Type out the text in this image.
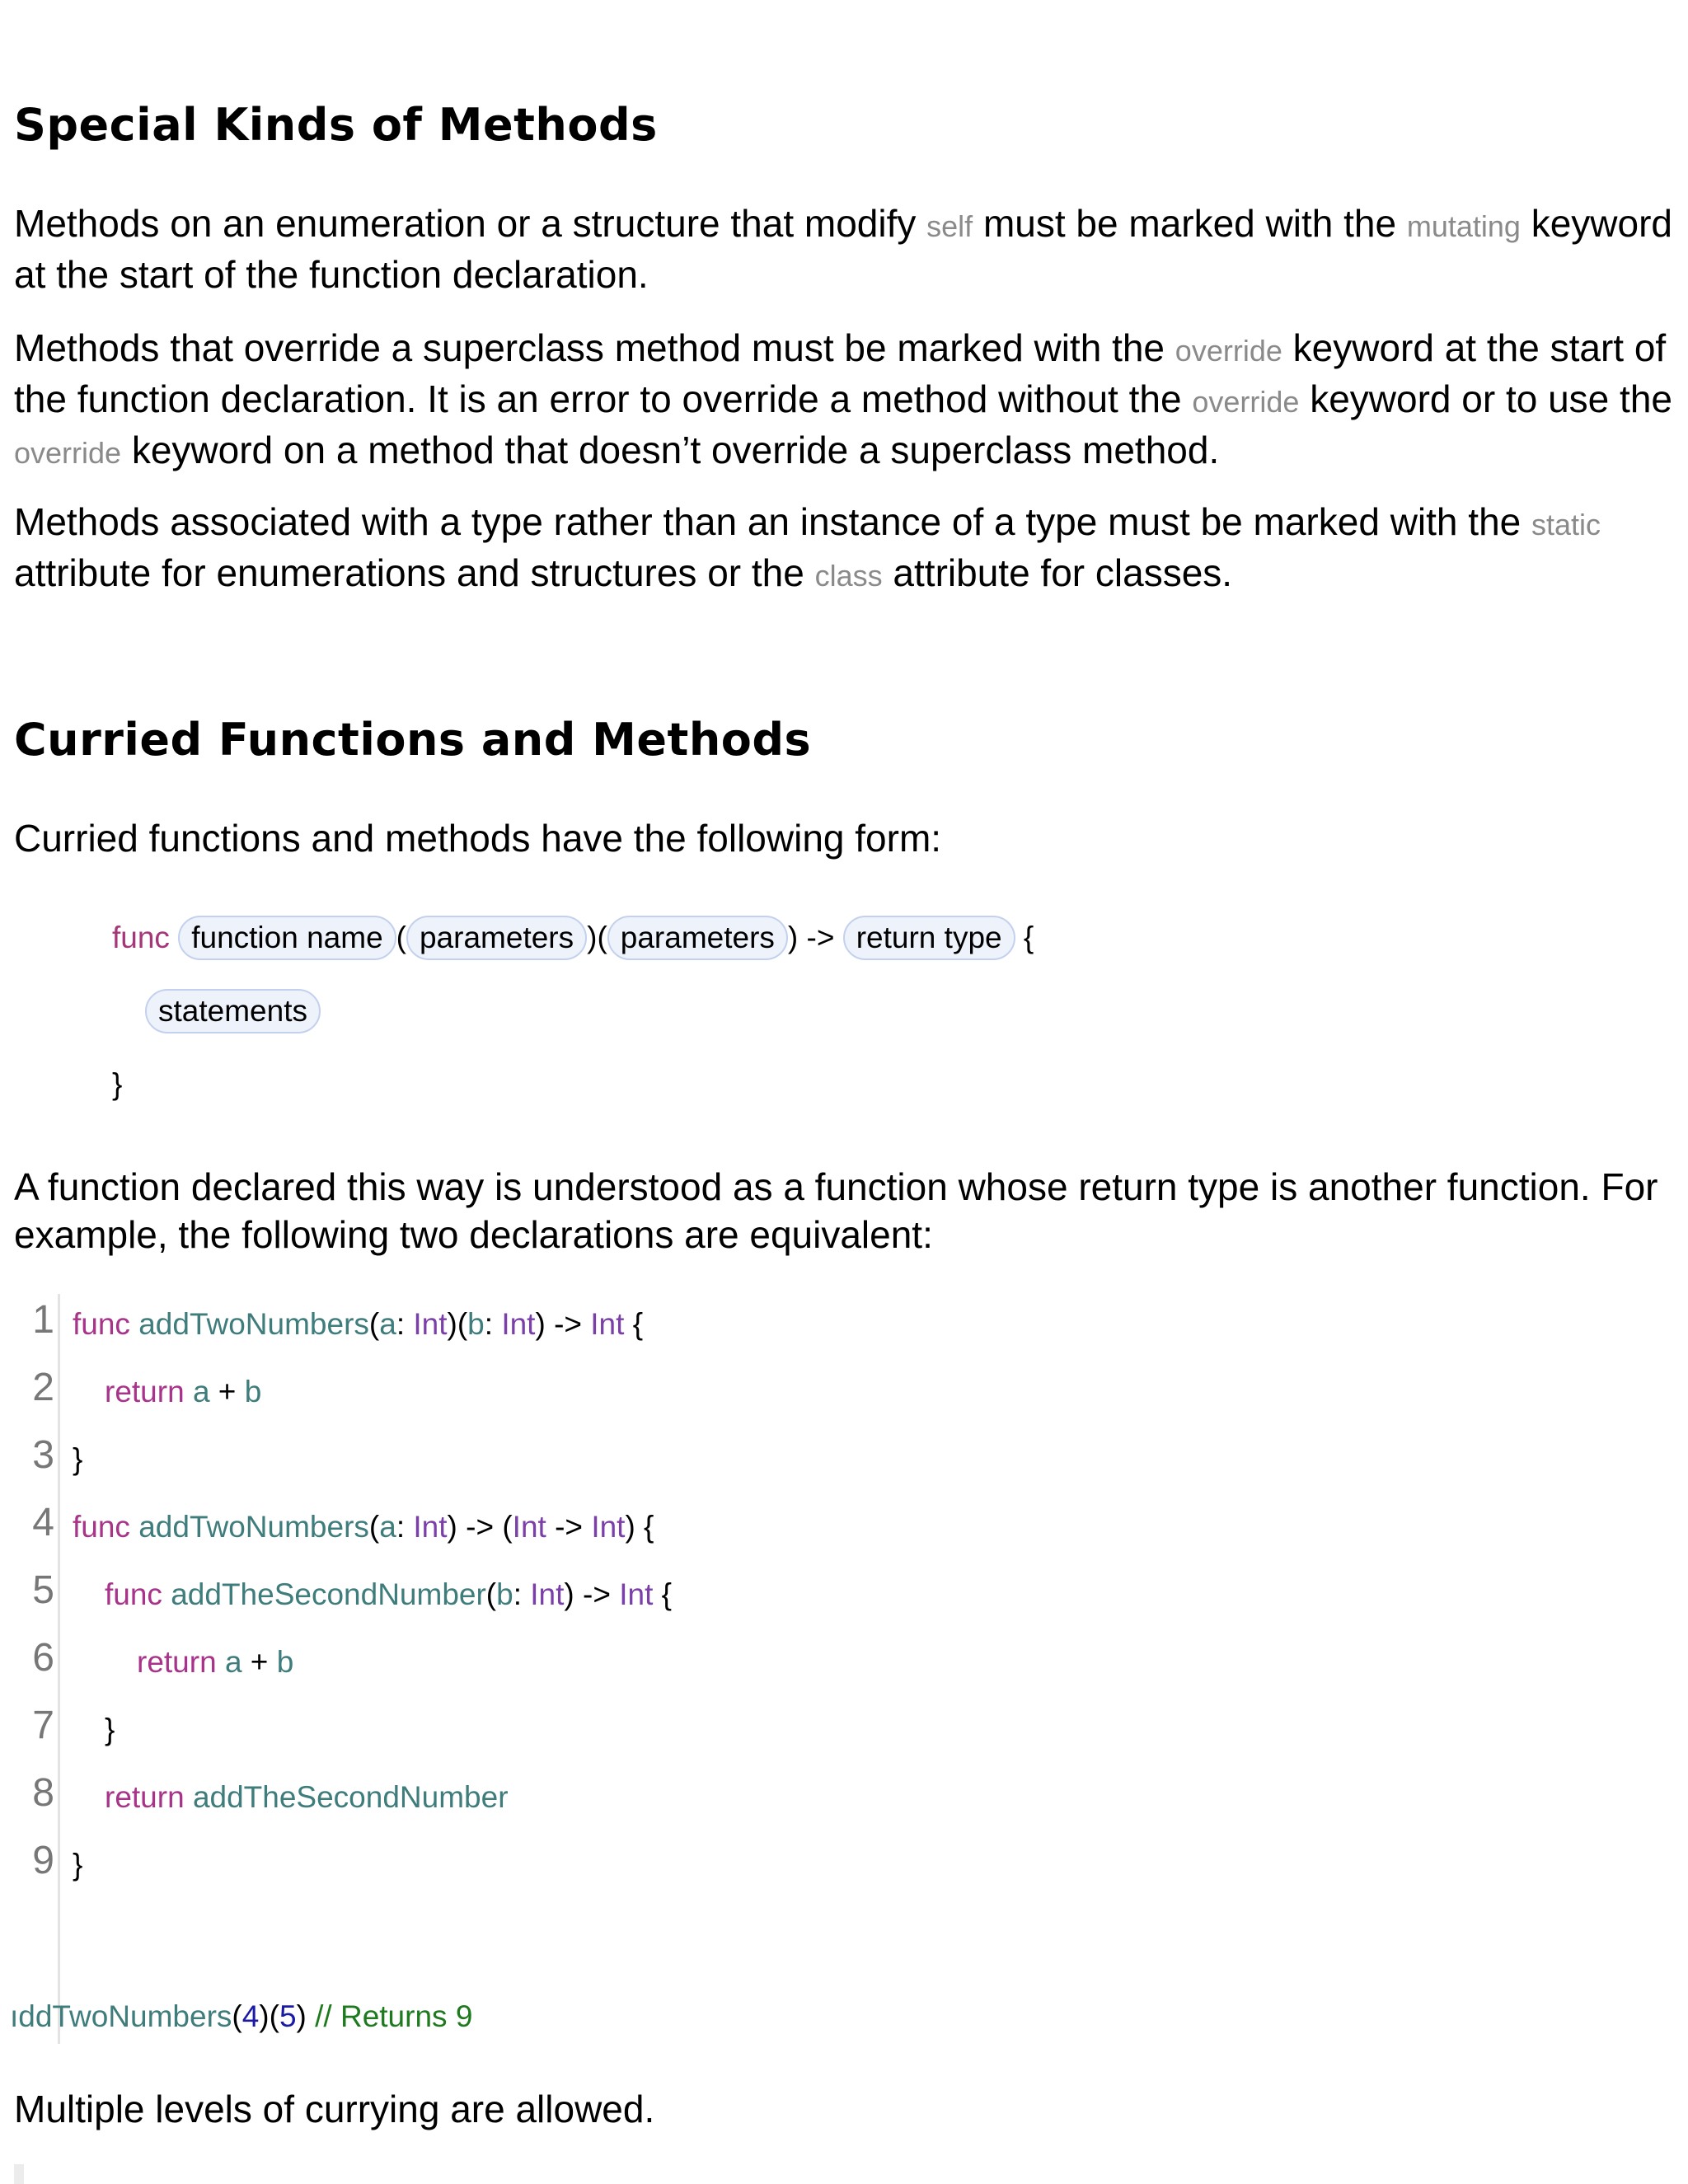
Special Kinds of Methods

Methods on an enumeration or a structure that modify self must be marked with the mutating keyword at the start of the function declaration.

Methods that override a superclass method must be marked with the override keyword at the start of the function declaration. It is an error to override a method without the override keyword or to use the override keyword on a method that doesn’t override a superclass method.

Methods associated with a type rather than an instance of a type must be marked with the static attribute for enumerations and structures or the class attribute for classes.

Curried Functions and Methods

Curried functions and methods have the following form:

func function name ( parameters )( parameters ) -> return type {
statements
}

A function declared this way is understood as a function whose return type is another function. For example, the following two declarations are equivalent:

1 func addTwoNumbers(a: Int)(b: Int) -> Int {
2 return a + b
3 }
4 func addTwoNumbers(a: Int) -> (Int -> Int) {
5 func addTheSecondNumber(b: Int) -> Int {
6	return a + b
7 }
8 return addTheSecondNumber
9 }
ıddTwoNumbers(4)(5) // Returns 9

Multiple levels of currying are allowed.
